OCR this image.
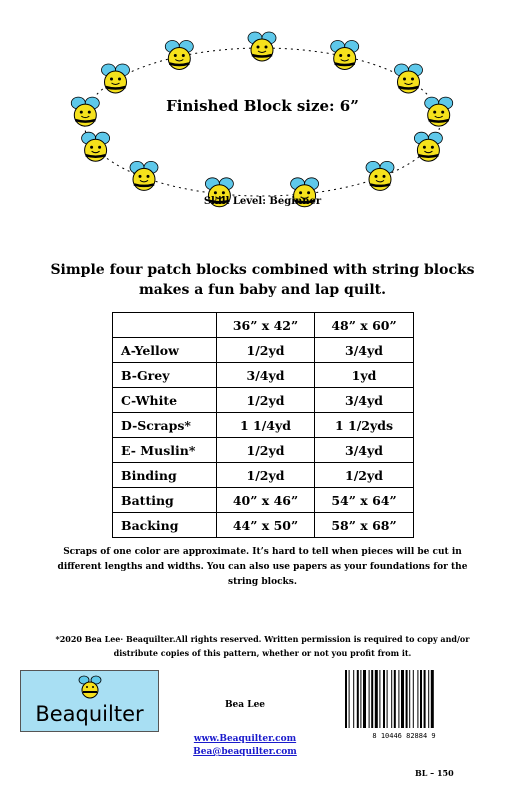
Finished Block size: 6”
Skill Level: Beginner
Simple four patch blocks combined with string blocks
makes a fun baby and lap quilt.
	36” x 42”	48” x 60”
A-Yellow	1/2yd	3/4yd
B-Grey	3/4yd	1yd
C-White	1/2yd	3/4yd
D-Scraps*	1 1/4yd	1 1/2yds
E- Muslin*	1/2yd	3/4yd
Binding	1/2yd	1/2yd
Batting	40” x 46”	54” x 64”
Backing	44” x 50”	58” x 68”
Scraps of one color are approximate. It’s hard to tell when pieces will be cut in
different lengths and widths. You can also use papers as your foundations for the
string blocks.
*2020 Bea Lee· Beaquilter.All rights reserved. Written permission is required to copy and/or
distribute copies of this pattern, whether or not you profit from it.
Beaquilter	Bea Lee
www.Beaquilter.com
Bea@beaquilter.com
8 10446 82884 9
BL – 150
